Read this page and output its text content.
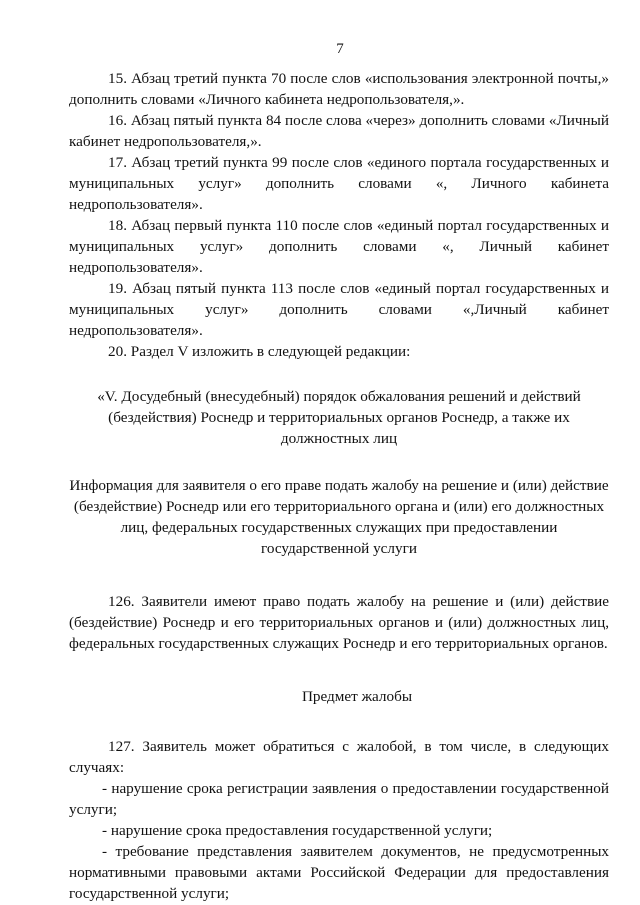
7

15. Абзац третий пункта 70 после слов «использования электронной почты,» дополнить словами «Личного кабинета недропользователя,».

16. Абзац пятый пункта 84 после слова «через» дополнить словами «Личный кабинет недропользователя,».

17. Абзац третий пункта 99 после слов «единого портала государственных и муниципальных услуг» дополнить словами «, Личного кабинета недропользователя».

18. Абзац первый пункта 110 после слов «единый портал государственных и муниципальных услуг» дополнить словами «, Личный кабинет недропользователя».

19. Абзац пятый пункта 113 после слов «единый портал государственных и муниципальных услуг» дополнить словами «,Личный кабинет недропользователя».

20. Раздел V изложить в следующей редакции:

«V. Досудебный (внесудебный) порядок обжалования решений и действий (бездействия) Роснедр и территориальных органов Роснедр, а также их должностных лиц

Информация для заявителя о его праве подать жалобу на решение и (или) действие (бездействие) Роснедр или его территориального органа и (или) его должностных лиц, федеральных государственных служащих при предоставлении государственной услуги

126. Заявители имеют право подать жалобу на решение и (или) действие (бездействие) Роснедр и его территориальных органов и (или) должностных лиц, федеральных государственных служащих Роснедр и его территориальных органов.

Предмет жалобы

127. Заявитель может обратиться с жалобой, в том числе, в следующих случаях:

- нарушение срока регистрации заявления о предоставлении государственной услуги;

- нарушение срока предоставления государственной услуги;

- требование представления заявителем документов, не предусмотренных нормативными правовыми актами Российской Федерации для предоставления государственной услуги;
